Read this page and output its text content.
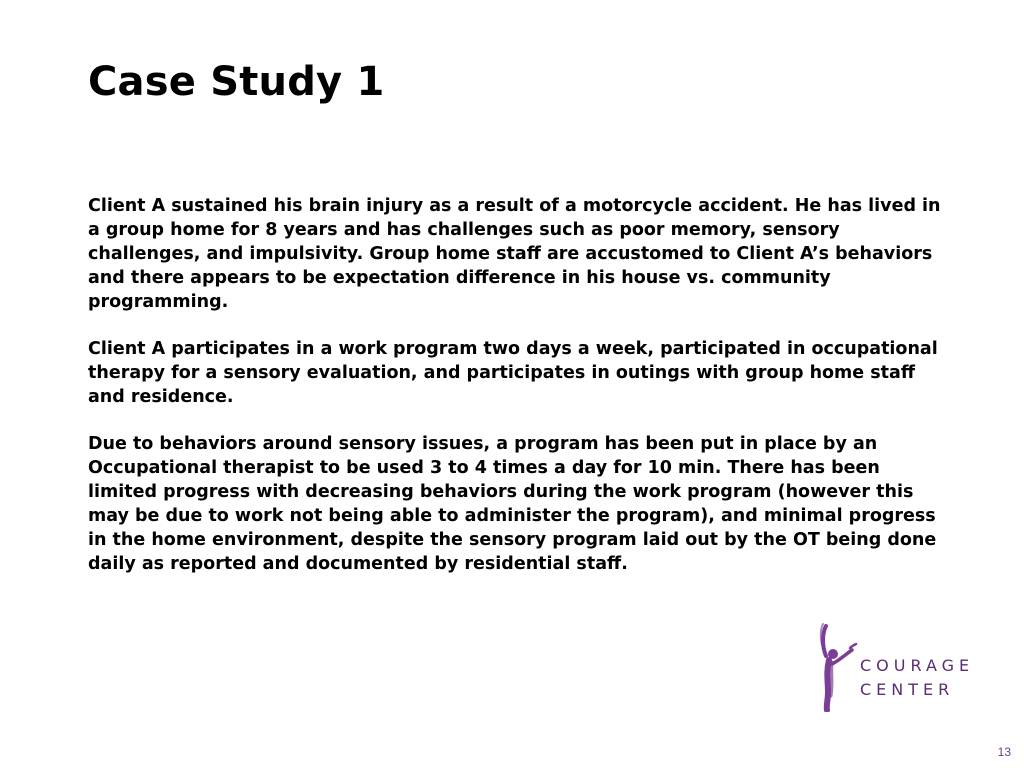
Case Study 1

Client A sustained his brain injury as a result of a motorcycle accident. He has lived in a group home for 8 years and has challenges such as poor memory, sensory challenges, and impulsivity. Group home staff are accustomed to Client A’s behaviors and there appears to be expectation difference in his house vs. community programming.

Client A participates in a work program two days a week, participated in occupational therapy for a sensory evaluation, and participates in outings with group home staff and residence.

Due to behaviors around sensory issues, a program has been put in place by an Occupational therapist to be used 3 to 4 times a day for 10 min. There has been limited progress with decreasing behaviors during the work program (however this may be due to work not being able to administer the program), and minimal progress in the home environment, despite the sensory program laid out by the OT being done daily as reported and documented by residential staff.

COURAGE
CENTER
13
